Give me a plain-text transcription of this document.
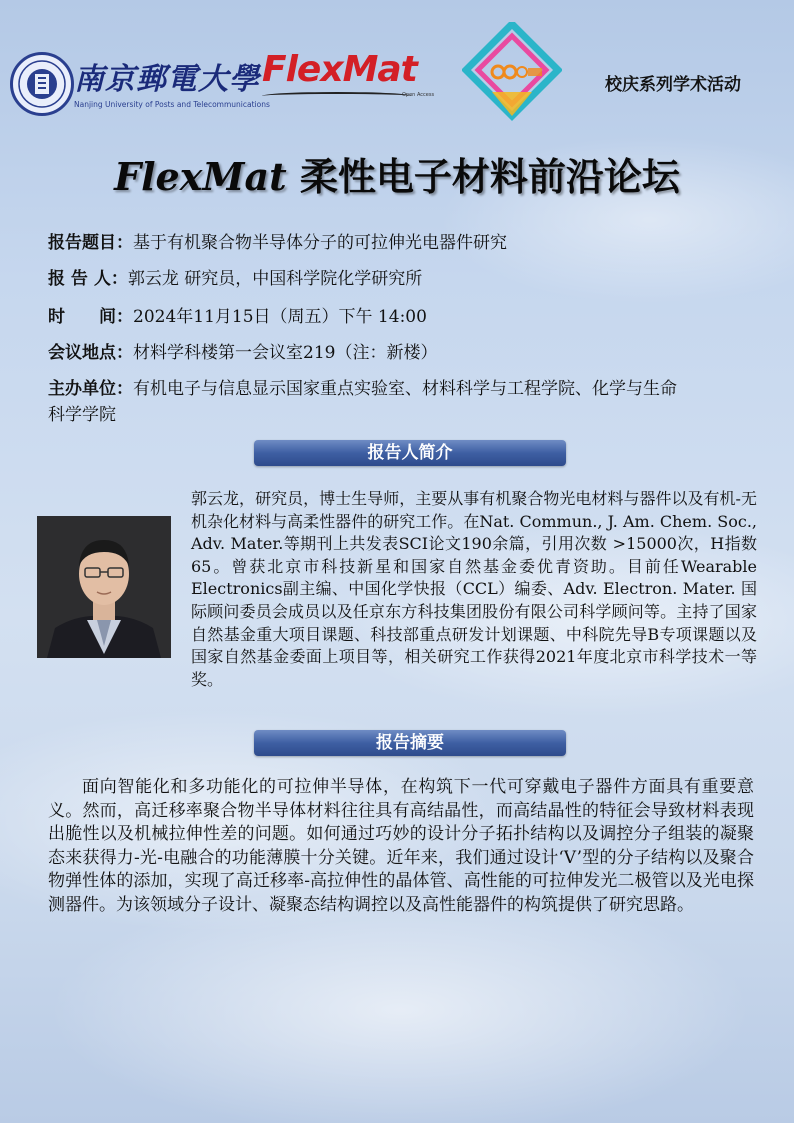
南京郵電大學
Nanjing University of Posts and Telecommunications
FlexMat
Open Access	校庆系列学术活动
FlexMat 柔性电子材料前沿论坛
报告题目：基于有机聚合物半导体分子的可拉伸光电器件研究
报 告 人：郭云龙 研究员，中国科学院化学研究所
时　　间：2024年11月15日（周五）下午 14:00
会议地点：材料学科楼第一会议室219（注：新楼）
主办单位：有机电子与信息显示国家重点实验室、材料科学与工程学院、化学与生命
科学学院
报告人简介
郭云龙，研究员，博士生导师，主要从事有机聚合物光电材料与器件以及有机-无机杂化材料与高柔性器件的研究工作。在Nat. Commun., J. Am. Chem. Soc., Adv. Mater.等期刊上共发表SCI论文190余篇，引用次数 >15000次，H指数65。曾获北京市科技新星和国家自然基金委优青资助。目前任Wearable Electronics副主编、中国化学快报（CCL）编委、Adv. Electron. Mater. 国际顾问委员会成员以及任京东方科技集团股份有限公司科学顾问等。主持了国家自然基金重大项目课题、科技部重点研发计划课题、中科院先导B专项课题以及国家自然基金委面上项目等，相关研究工作获得2021年度北京市科学技术一等奖。
报告摘要
面向智能化和多功能化的可拉伸半导体，在构筑下一代可穿戴电子器件方面具有重要意义。然而，高迁移率聚合物半导体材料往往具有高结晶性，而高结晶性的特征会导致材料表现出脆性以及机械拉伸性差的问题。如何通过巧妙的设计分子拓扑结构以及调控分子组装的凝聚态来获得力-光-电融合的功能薄膜十分关键。近年来，我们通过设计‘V’型的分子结构以及聚合物弹性体的添加，实现了高迁移率-高拉伸性的晶体管、高性能的可拉伸发光二极管以及光电探测器件。为该领域分子设计、凝聚态结构调控以及高性能器件的构筑提供了研究思路。
